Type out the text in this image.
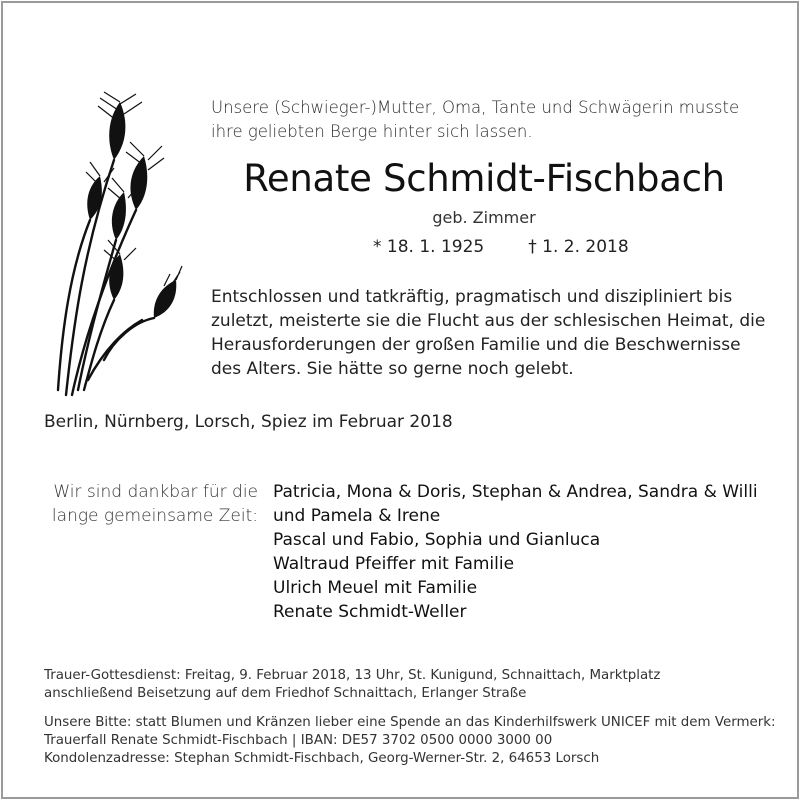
Unsere (Schwieger-)Mutter, Oma, Tante und Schwägerin musste
ihre geliebten Berge hinter sich lassen.
Renate Schmidt-Fischbach
geb. Zimmer
* 18. 1. 1925	† 1. 2. 2018
Entschlossen und tatkräftig, pragmatisch und diszipliniert bis
zuletzt, meisterte sie die Flucht aus der schlesischen Heimat, die
Herausforderungen der großen Familie und die Beschwernisse
des Alters. Sie hätte so gerne noch gelebt.
Berlin, Nürnberg, Lorsch, Spiez im Februar 2018
Wir sind dankbar für die
lange gemeinsame Zeit:
Patricia, Mona & Doris, Stephan & Andrea, Sandra & Willi
und Pamela & Irene
Pascal und Fabio, Sophia und Gianluca
Waltraud Pfeiffer mit Familie
Ulrich Meuel mit Familie
Renate Schmidt-Weller
Trauer-Gottesdienst: Freitag, 9. Februar 2018, 13 Uhr, St. Kunigund, Schnaittach, Marktplatz
anschließend Beisetzung auf dem Friedhof Schnaittach, Erlanger Straße
Unsere Bitte: statt Blumen und Kränzen lieber eine Spende an das Kinderhilfswerk UNICEF mit dem Vermerk:
Trauerfall Renate Schmidt-Fischbach | IBAN: DE57 3702 0500 0000 3000 00
Kondolenzadresse: Stephan Schmidt-Fischbach, Georg-Werner-Str. 2, 64653 Lorsch
